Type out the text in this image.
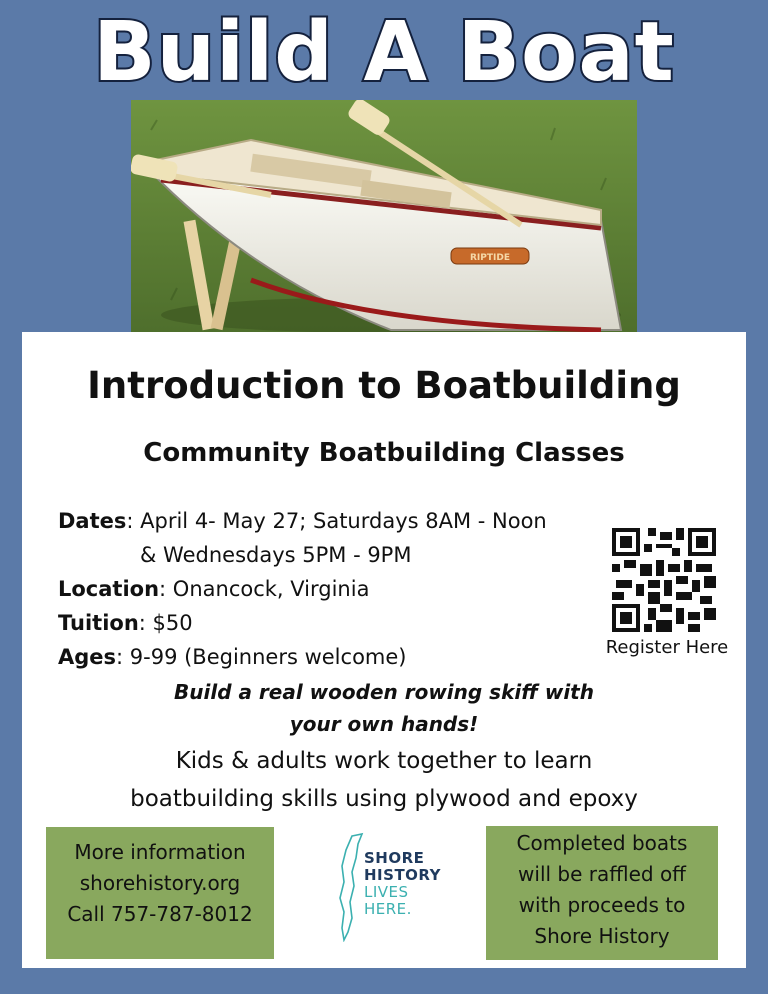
Build A Boat
RIPTIDE
Introduction to Boatbuilding
Community Boatbuilding Classes
Dates: April 4- May 27; Saturdays 8AM - Noon
& Wednesdays 5PM - 9PM
Location: Onancock, Virginia
Tuition: $50
Ages: 9-99 (Beginners welcome)	Register Here
Build a real wooden rowing skiff with
your own hands!
Kids & adults work together to learn
boatbuilding skills using plywood and epoxy
More information
shorehistory.org
Call 757-787-8012
SHORE
HISTORY
LIVES
HERE.
Completed boats
will be raffled off
with proceeds to
Shore History
